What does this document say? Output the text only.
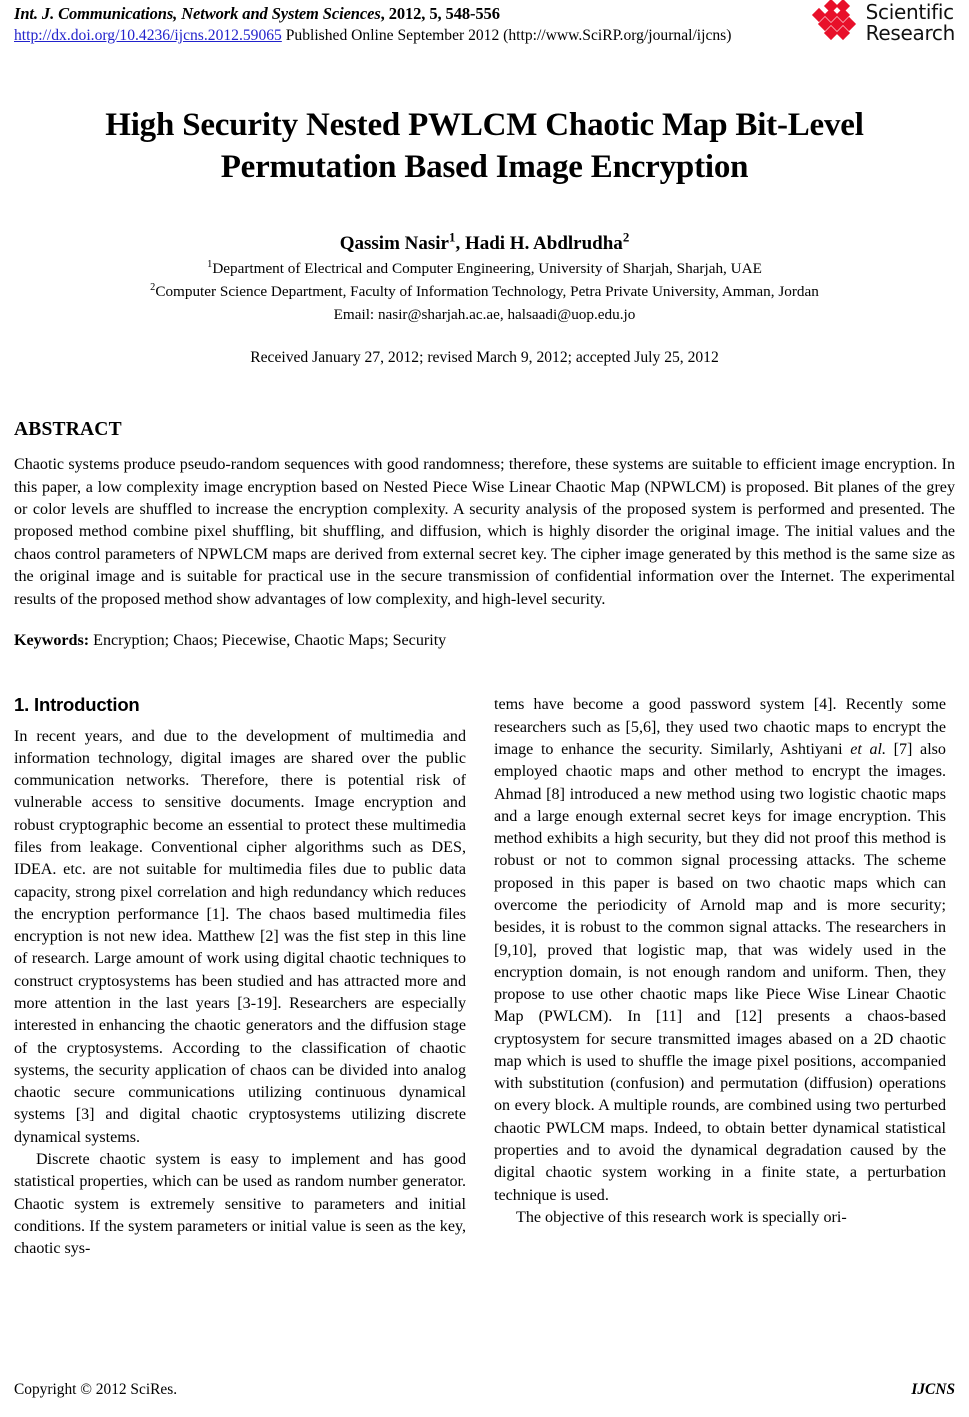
Int. J. Communications, Network and System Sciences, 2012, 5, 548-556
http://dx.doi.org/10.4236/ijcns.2012.59065 Published Online September 2012 (http://www.SciRP.org/journal/ijcns)
Scientific
Research
High Security Nested PWLCM Chaotic Map Bit-Level Permutation Based Image Encryption
Qassim Nasir$^1$, Hadi H. Abdlrudha$^2$
$^1$Department of Electrical and Computer Engineering, University of Sharjah, Sharjah, UAE
$^2$Computer Science Department, Faculty of Information Technology, Petra Private University, Amman, Jordan
Email: nasir@sharjah.ac.ae, halsaadi@uop.edu.jo
Received January 27, 2012; revised March 9, 2012; accepted July 25, 2012
ABSTRACT
Chaotic systems produce pseudo-random sequences with good randomness; therefore, these systems are suitable to efficient image encryption. In this paper, a low complexity image encryption based on Nested Piece Wise Linear Chaotic Map (NPWLCM) is proposed. Bit planes of the grey or color levels are shuffled to increase the encryption complexity. A security analysis of the proposed system is performed and presented. The proposed method combine pixel shuffling, bit shuffling, and diffusion, which is highly disorder the original image. The initial values and the chaos control parameters of NPWLCM maps are derived from external secret key. The cipher image generated by this method is the same size as the original image and is suitable for practical use in the secure transmission of confidential information over the Internet. The experimental results of the proposed method show advantages of low complexity, and high-level security.
Keywords: Encryption; Chaos; Piecewise, Chaotic Maps; Security
1. Introduction

In recent years, and due to the development of multimedia and information technology, digital images are shared over the public communication networks. Therefore, there is potential risk of vulnerable access to sensitive documents. Image encryption and robust cryptographic become an essential to protect these multimedia files from leakage. Conventional cipher algorithms such as DES, IDEA. etc. are not suitable for multimedia files due to public data capacity, strong pixel correlation and high redundancy which reduces the encryption performance [1]. The chaos based multimedia files encryption is not new idea. Matthew [2] was the fist step in this line of research. Large amount of work using digital chaotic techniques to construct cryptosystems has been studied and has attracted more and more attention in the last years [3-19]. Researchers are especially interested in enhancing the chaotic generators and the diffusion stage of the cryptosystems. According to the classification of chaotic systems, the security application of chaos can be divided into analog chaotic secure communications utilizing continuous dynamical systems [3] and digital chaotic cryptosystems utilizing discrete dynamical systems.

Discrete chaotic system is easy to implement and has good statistical properties, which can be used as random number generator. Chaotic system is extremely sensitive to parameters and initial conditions. If the system parameters or initial value is seen as the key, chaotic sys-

tems have become a good password system [4]. Recently some researchers such as [5,6], they used two chaotic maps to encrypt the image to enhance the security. Similarly, Ashtiyani et al. [7] also employed chaotic maps and other method to encrypt the images. Ahmad [8] introduced a new method using two logistic chaotic maps and a large enough external secret keys for image encryption. This method exhibits a high security, but they did not proof this method is robust or not to common signal processing attacks. The scheme proposed in this paper is based on two chaotic maps which can overcome the periodicity of Arnold map and is more security; besides, it is robust to the common signal attacks. The researchers in [9,10], proved that logistic map, that was widely used in the encryption domain, is not enough random and uniform. Then, they propose to use other chaotic maps like Piece Wise Linear Chaotic Map (PWLCM). In [11] and [12] presents a chaos-based cryptosystem for secure transmitted images abased on a 2D chaotic map which is used to shuffle the image pixel positions, accompanied with substitution (confusion) and permutation (diffusion) operations on every block. A multiple rounds, are combined using two perturbed chaotic PWLCM maps. Indeed, to obtain better dynamical statistical properties and to avoid the dynamical degradation caused by the digital chaotic system working in a finite state, a perturbation technique is used.

The objective of this research work is specially ori-

Copyright © 2012 SciRes.	IJCNS
